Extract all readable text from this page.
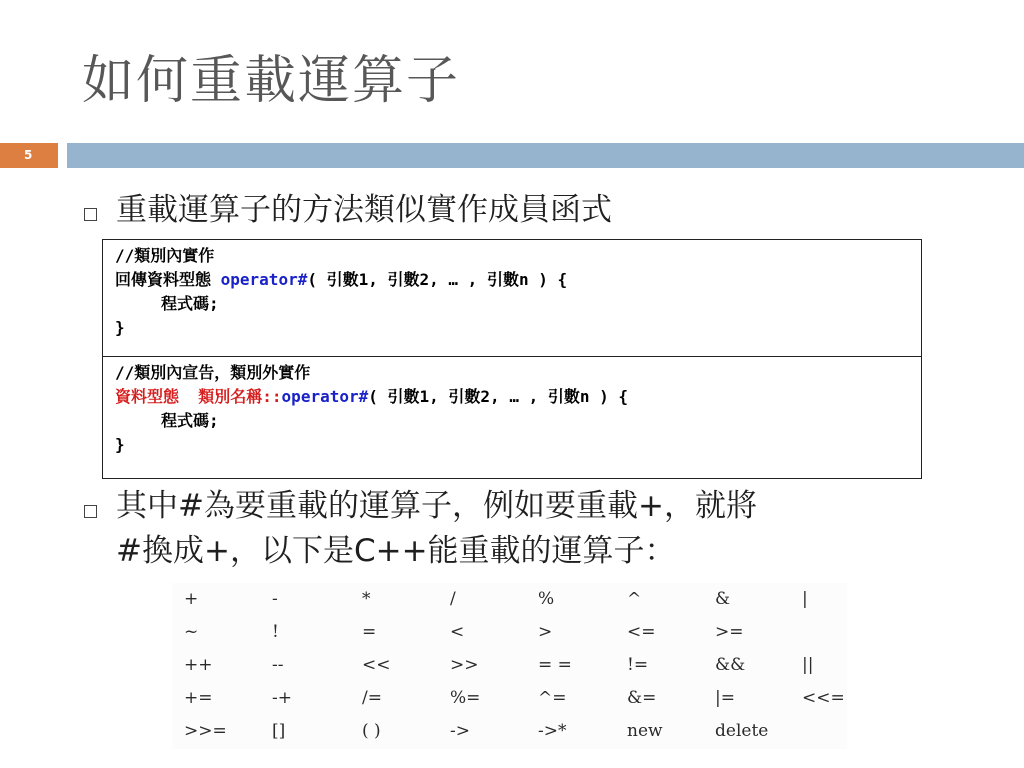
如何重載運算子
5
重載運算子的方法類似實作成員函式
//類別內實作
回傳資料型態 operator#( 引數1, 引數2, … , 引數n ) {
程式碼;
}
//類別內宣告，類別外實作
資料型態  類別名稱::operator#( 引數1, 引數2, … , 引數n ) {
程式碼;
}
其中#為要重載的運算子，例如要重載+，就將
#換成+，以下是C++能重載的運算子：
+	-	*	/	%	^	&	|
~	!	=	<	>	<=	>=
++	--	<<	>>	= =	!=	&&	||
+=	-+	/=	%=	^=	&=	|=	<<=
>>=	[]	( )	->	->*	new	delete
